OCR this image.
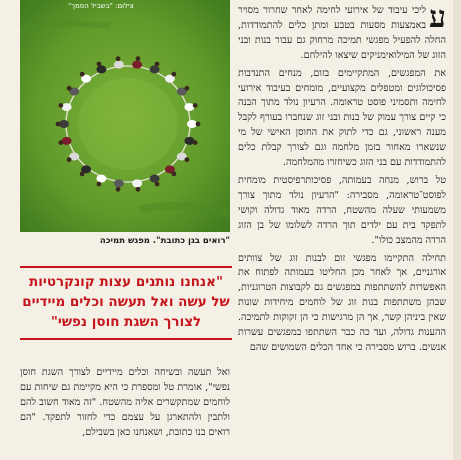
צילום: "בשביל הסמך"
"רואים בגן כתובת". מפגש תמיכה
"אנחנו נותנים עצות קונקרטיות של עשה ואל תעשה וכלים מיידיים לצורך השגת חוסן נפשי"

ע
ליכי עיבוד של אירועי לחימה לאחר שחרור מסויר באמצעות מסעות בטבע ומתן כלים להתמודדות, החלה להפעיל מפגשי תמיכה מרחוק גם עבור בנות ובני הזוג של המילואימניקים שיצאו להילחם.

את המפגשים, המתקיימים בזום, מנחים התנדבות פסיכולוגים ומטפלים מקצועיים, מומחים בעיבוד אירועי לחימה ותסמיני פוסט טראומה. הרעיון נולד מתוך הבנה כי קיים צורך עמוק של בנות ובני זוג שנחברו בעורף לקבל מענה ראשוני, גם כדי לתוק את החוסן האישי של מי שנשארו מאחור בזמן מלחמה וגם לצורך קבלת כלים להתמודדות עם בני הזוג כשיחזרו מהמלחמה.

טל ברוש, מנחה בעמותה, פסיכותרפיסטית מומחית לפוסט־טראומה, מסבירה: "הרעיון נולד מתוך צורך משמעותי שעלה מהשטח, הרדה מאוד גדולה וקושי לתפקד בית עם ילדים תוך הרדה לשלומו של בן הזוג הרדה מהמצב כולו".

תחילה התקיימו מפגשי זום לבנות זוג של צוותים אורגניים, אך לאחר מכן החליטו בעמותה לפתוח את האפשרות להשתתפות במפגשים גם לקבוצות הטרוגניות, שבהן משתתפות בנות זוג של לוחמים מיחידות שונות שאין ביניהן קשר, אך הן מרגישות כי הן זקוקות לתמיכה. ההענות גדולה, ועד כה כבר השתתפו במפגשים עשרות אנשים. ברוש מסבירה כי אחד הכלים השמושים שהם

ואל תעשה ובשיחה וכלים מיידיים לצורך השגת חוסן נפשי", אומרת טל ומספרת כי היא מקיימת גם שיחות עם לוחמים שמתקשרים אליה מהשטח. "זה מאוד חשוב להם ולתבין ולהתארגן על עצמם כדי לחזור לתפקד. "הם רואים בנו כתובת, ושאנחנו כאן בשבילם,
